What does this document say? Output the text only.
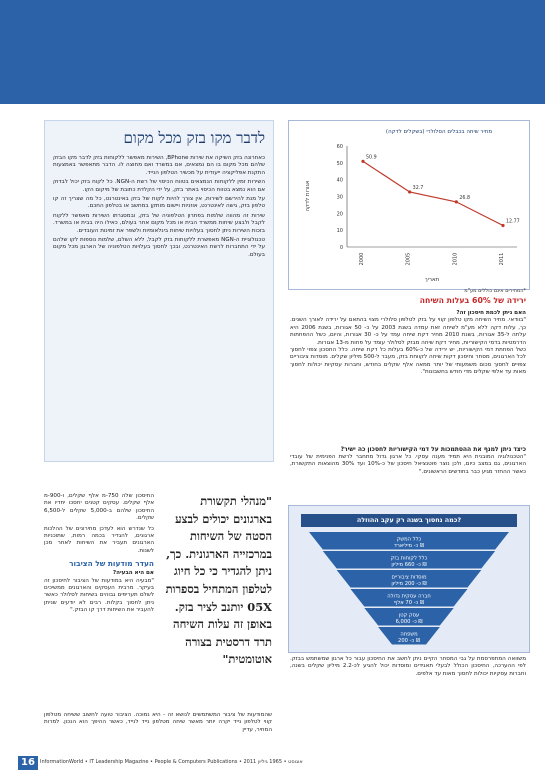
מחיר שיחה בכבלים הסלולרי (בשקלים לדקה)
60
50
40
30
20
10
0
2000	2005	2010	2011
50.9
32.7
26.8
12.77
אגורות לדקה
תאריך
*המחירים אינם כוללים מע"מ
ירידה של 60% בעלות השיחה

האם ניתן לכמת חיסכון זה?

"בוודאי. מחיר השיחה מקו טלפון קווי על בזק לטלפון סלולרי מצוי בהתאם על ירידה לאורך השנים. כך, עלות דקה ללא מע"מ לשיחה זאת עמדה בשנת 2003 על כ- 50 אגורות, בשנת 2006 היא עלתה ל-35 אגורות, בשנת 2010 מחיר דקת שיחה עמד על כ- 30 אגורות, והיום, כשל ההפחתות הדרמטיות בדמי הקישוריות, מחיר דקת שיחה מבזק לסלולר עומד על פחות מ-13 אגורות.

כשל הפחתת דמי הקישוריות, יש ירידה של כ-60% בעלות כל דקת שיחה. כלל החסכון צפוי לחסוך לכל הארגונים, מסחר וחיסכון דקות שיחה לקווחת בזק, מעבר ל-500 מיליון שקלים. מוסדות ציבוריים צפויים לחסוך סכום משמעותי של יותר ממאה אלף שקלים בחודש, וחברות עסקיות יכולות לחסוך מאות עד אלפי שקלים מדי חודש בחשבונות".

כיצד ניתן למנף את ההסתמכות על דמי הקישוריות לחסכון כה ישיר?

"הטכנולוגיה המובנית היא תמיד מענה עסקי. כל ארגון גדול מתחבר לרשת הפנימית של עובדי הארגונים, גם במצב כיום, ולכן נוצר פוטנציאל חיסכון של כ-10% ועד 30% מהוצאות התקשורת, כאשר ההחזר מגיע כבר בחודשים הראשונים."

כמה נחסוך בשנה רק עקב ההוזלה?
כלל המשק
כ- מיליארד ₪
כלל לקוחות בזק
כ- 660 מיליון ₪
מוסדות ציבוריים
כ- 200 מיליון ₪
חברה עסקית גדולה
כ- 70 אלף ₪
עסק קטן
כ- 6,000 ₪
משפחה
כ- 200 ₪

משוואה המתפרסמת על גבי המסחר הקיים ניתן לחשב את החיסכון עבור כל ארגון שמשתמש בבזק. לפי ההערכה, החיסכון הכולל לבעלי תאגידים ומוסדות יכול להגיע לכ-2.2 מיליון שקלים בשנה, וחברות עסקיות יכולות לחסוך מאות עד אלפים.

לדבר מקו בזק מכל מקום

כאחרונה בזק השיקה את שירות BPhone, השירות מאפשר ללקוחות בזק לדבר מקו הבזק שלהם מכל מקום בו הם נמצאים, אם במשרד ואם מחוצה לו. הדבר מתאפשר באמצעות התקנת אפליקציה ייעודית על מכשיר הטלפון הנייד.

השירות זמין ללקוחות הנמצאים בטווח הכיסוי של רשת ה-NGN. כל לקוח בזק יכול לבדוק אם הוא נמצא בטווח הכיסוי באתר בזק, על ידי הקלדת כתובת של מיקום הקו.

על מנת להירשם לשירות, אין צורך להיות לקוח של בזק באינטרנט, כל מה שצריך זה קו טלפון בזק, גישה לאינטרנט, אוזניות ויישום מותקן במחשב או בטלפון החכם.

שירות זה מהווה שלמות בפתרון הטלפוניה של בזק, ובמסגרתו השירות מאפשר ללקוח לקבל ולבצע שיחות ממשרד הבית או מכל מקום אחר בעולם, כאילו היה בבית או במשרד. בזכות השירות ניתן לחסוך בעלויות שיחות בינלאומיות ולשפר את זמינות העובדים.

טכנולוגיית ה-NGN מאפשרת ללקוחות בזק לקבל, ללא השלם, שלמות נוספות לקו שלהם על ידי התחברות לרשת האינטרנט, ובכך לחסוך בעלויות הטלפוניה של הארגון מכל מקום בעולם.

"מנהלי תקשורת בארגונים יכולים לבצע הסטה של השיחות במרכזייה הארגונית. כך, ניתן להגדיר כי כל חיוג לטלפון המתחיל בספרות 05X יותנב לציר בזק. באופן זה עלות השיחה תרד דרסטית בצורה אוטומטית"

החיסכון שלה 750-מ אלף שקלים, ו-900-מ אלף שקלים. עסקים קטנים יחסכו יחדיו את החיסכון שלהם ב-5,000 שקלים ל-6,500 שקלים.

כל שנדרש הוא לעדכן מחירונים של ההלכות ארגונים, להגדיר בכמה רמות, שתוכניות הארגונים תעביר את השיחות לאחר מכן לשנות.

העדר מודעות של הציבור

אם היא הבעיה?

"מבעיה היא במודעות של הציבור לחיסכון זה בעיקר. מרבית העסקים והארגונים ממשיכים לשלם תעריפים גבוהים בשיחות לסלולר כאשר ניתן לחסוך בקלות. רבים לא יודעים שניתן להעביר את השיחות דרך קו הבזק."

שהמודעות של ציבור המשתמשים לנושא זה - היא נמוכה. הציבור טועה לחשוב ששיחה מטלפון קווי לטלפון נייד יקרה יותר מאשר שיחה מטלפון נייד לנייד, כאשר ההיפך הוא הנכון. למרות המחיר, עדיין

16	InformationWorld • IT Leadership Magazine • People & Computers Publications • 2011 אוגוסט • 1965 גיליון
